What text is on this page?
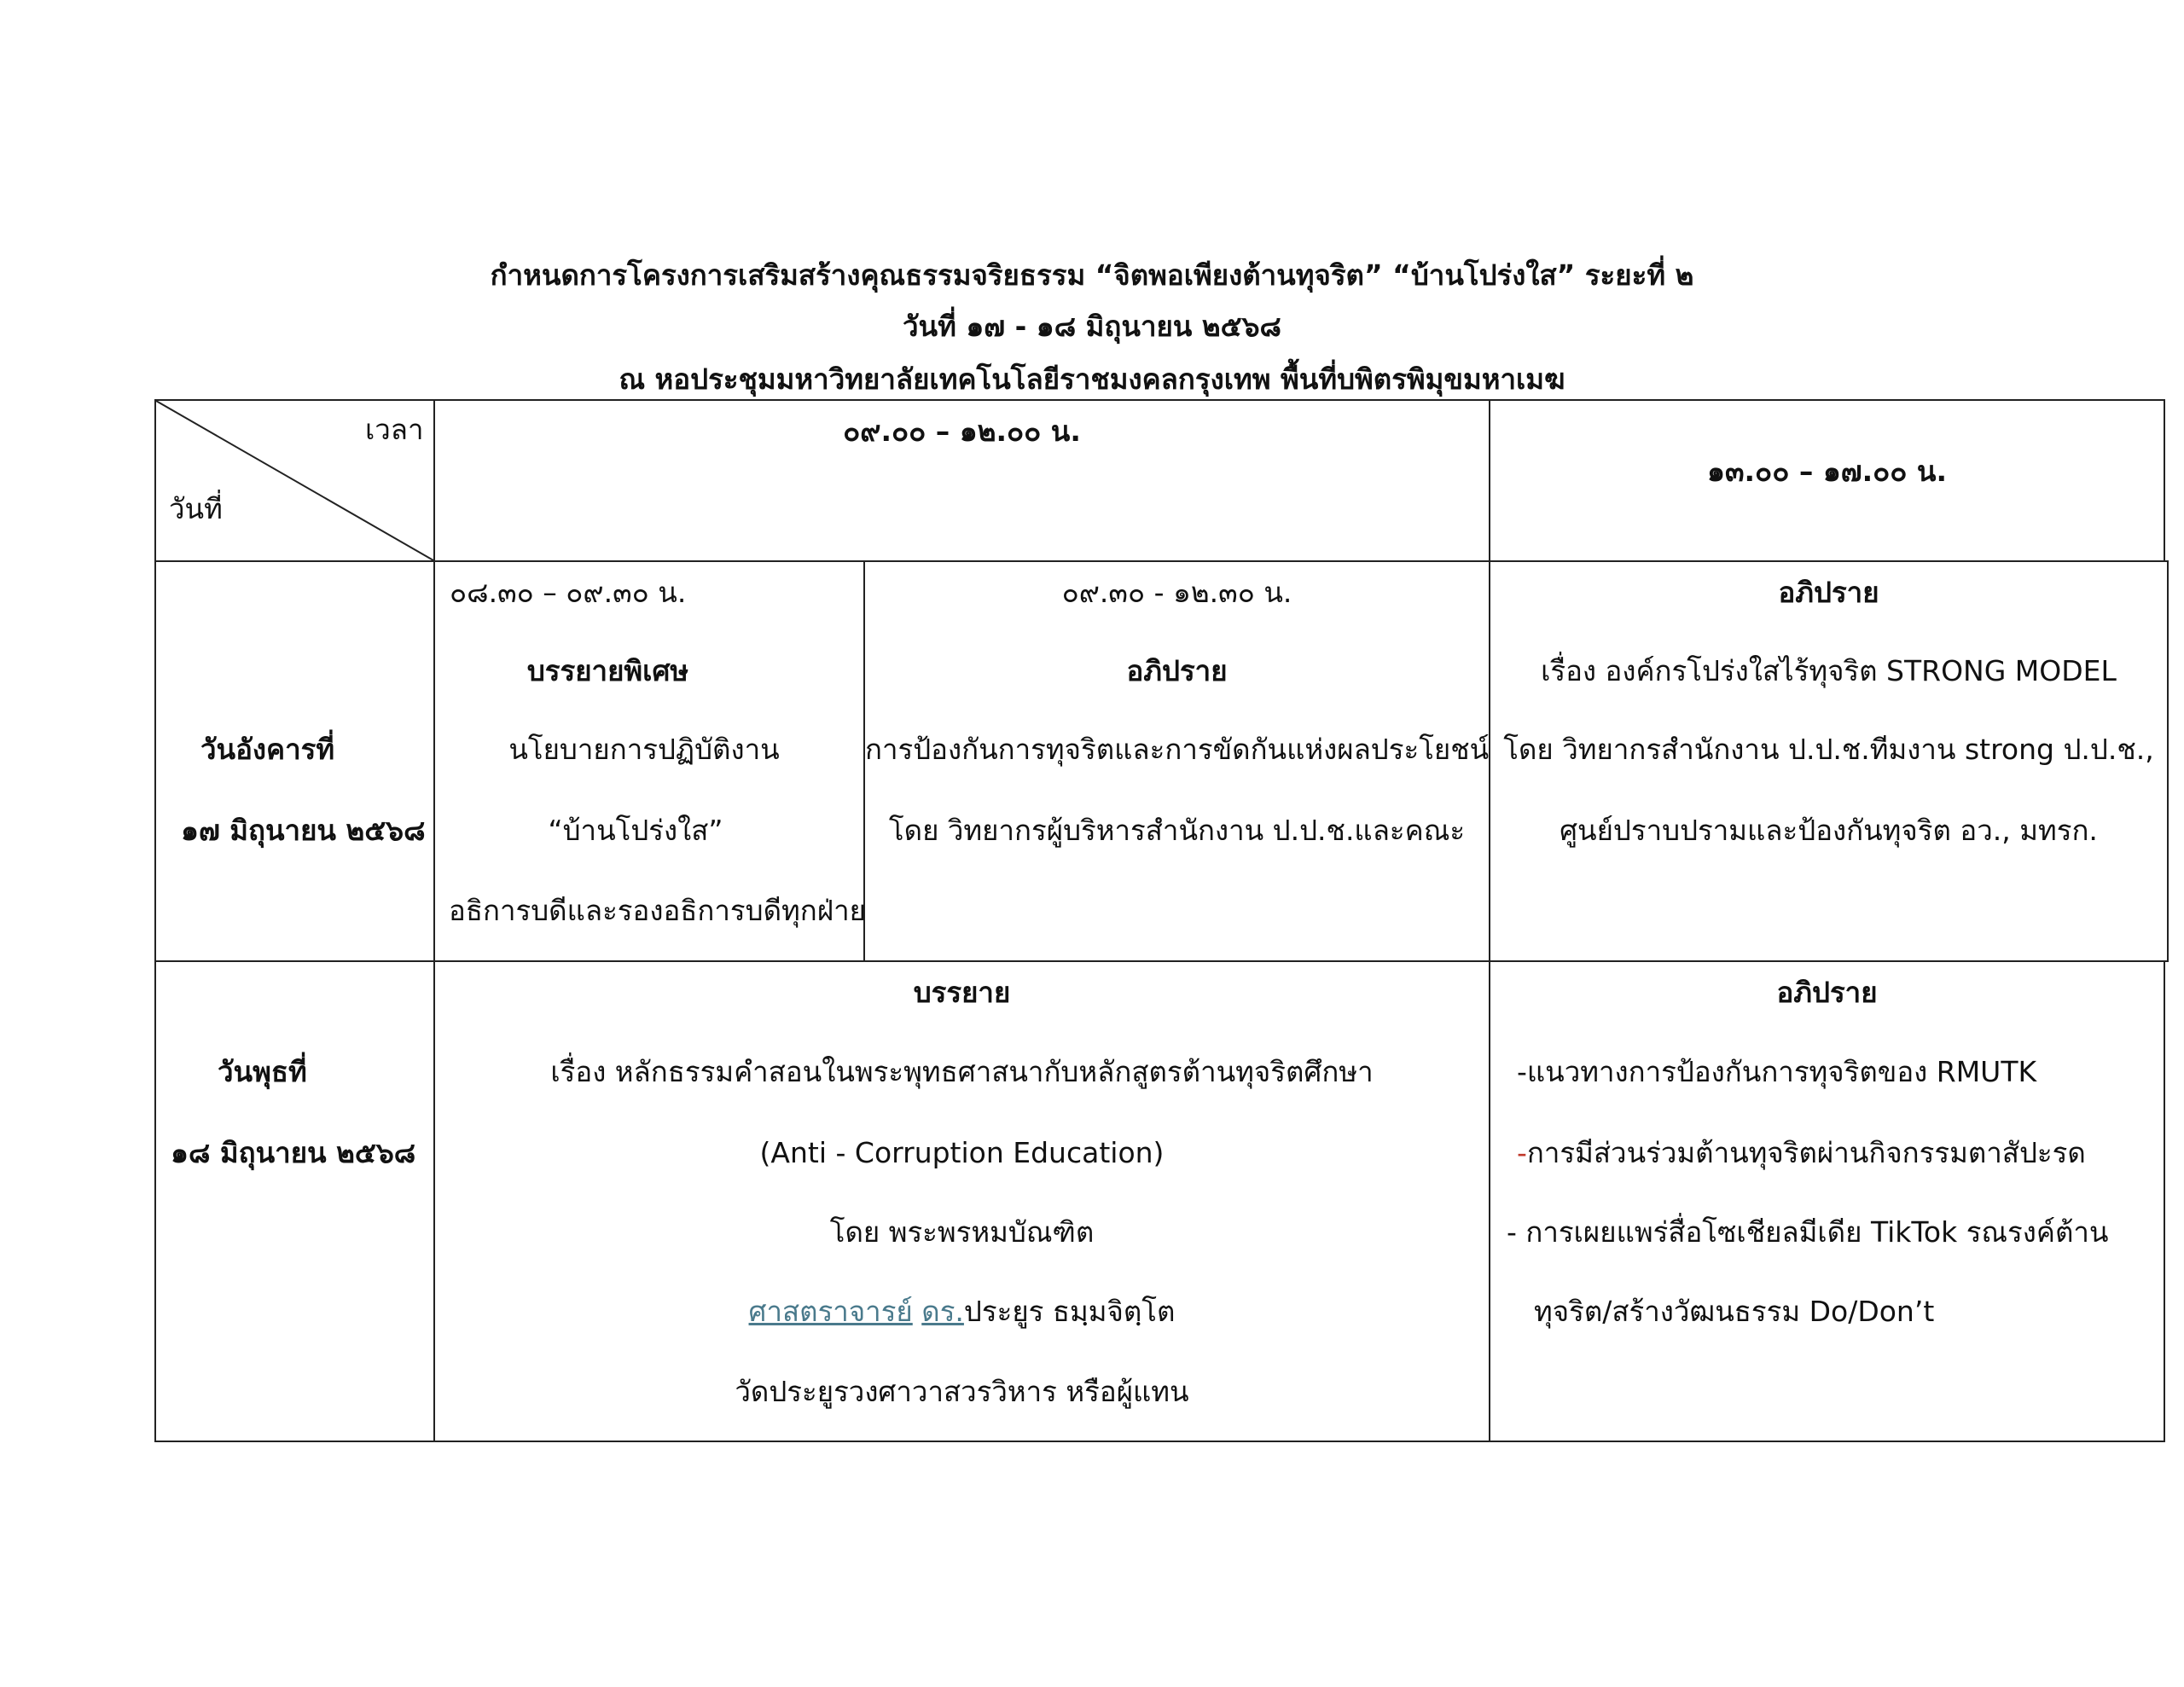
กำหนดการโครงการเสริมสร้างคุณธรรมจริยธรรม “จิตพอเพียงต้านทุจริต” “บ้านโปร่งใส” ระยะที่ ๒
วันที่ ๑๗ - ๑๘ มิถุนายน ๒๕๖๘
ณ หอประชุมมหาวิทยาลัยเทคโนโลยีราชมงคลกรุงเทพ พื้นที่บพิตรพิมุขมหาเมฆ
เวลา
วันที่
๐๙.๐๐ – ๑๒.๐๐ น.
๑๓.๐๐ – ๑๗.๐๐ น.
วันอังคารที่
๑๗ มิถุนายน ๒๕๖๘
๐๘.๓๐ – ๐๙.๓๐ น.
บรรยายพิเศษ
นโยบายการปฏิบัติงาน
“บ้านโปร่งใส”
อธิการบดีและรองอธิการบดีทุกฝ่าย
๐๙.๓๐ - ๑๒.๓๐ น.
อภิปราย
การป้องกันการทุจริตและการขัดกันแห่งผลประโยชน์
โดย วิทยากรผู้บริหารสำนักงาน ป.ป.ช.และคณะ
อภิปราย
เรื่อง องค์กรโปร่งใสไร้ทุจริต STRONG MODEL
โดย วิทยากรสำนักงาน ป.ป.ช.ทีมงาน strong ป.ป.ช.,
ศูนย์ปราบปรามและป้องกันทุจริต อว., มทรก.
วันพุธที่
๑๘ มิถุนายน ๒๕๖๘
บรรยาย
เรื่อง หลักธรรมคำสอนในพระพุทธศาสนากับหลักสูตรต้านทุจริตศึกษา
(Anti - Corruption Education)
โดย พระพรหมบัณฑิต
ศาสตราจารย์ ดร.ประยูร ธมฺมจิตฺโต
วัดประยูรวงศาวาสวรวิหาร หรือผู้แทน
อภิปราย
-แนวทางการป้องกันการทุจริตของ RMUTK
-การมีส่วนร่วมต้านทุจริตผ่านกิจกรรมตาสัปะรด
- การเผยแพร่สื่อโซเชียลมีเดีย TikTok รณรงค์ต้าน
ทุจริต/สร้างวัฒนธรรม Do/Don’t
